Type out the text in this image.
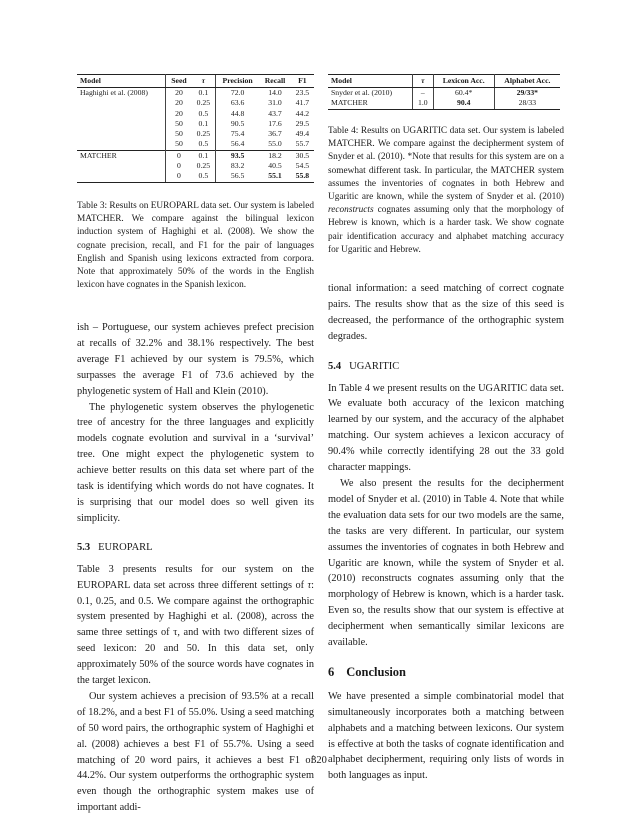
Model	Seed	τ	Precision	Recall	F1
Haghighi et al. (2008)	20	0.1	72.0	14.0	23.5
	20	0.25	63.6	31.0	41.7
	20	0.5	44.8	43.7	44.2
	50	0.1	90.5	17.6	29.5
	50	0.25	75.4	36.7	49.4
	50	0.5	56.4	55.0	55.7
MATCHER	0	0.1	93.5	18.2	30.5
	0	0.25	83.2	40.5	54.5
	0	0.5	56.5	55.1	55.8
Table 3: Results on EUROPARL data set. Our system is labeled MATCHER. We compare against the bilingual lexicon induction system of Haghighi et al. (2008). We show the cognate precision, recall, and F1 for the pair of languages English and Spanish using lexicons extracted from corpora. Note that approximately 50% of the words in the English lexicon have cognates in the Spanish lexicon.
Model	τ	Lexicon Acc.	Alphabet Acc.
Snyder et al. (2010)	–	60.4*	29/33*
MATCHER	1.0	90.4	28/33
Table 4: Results on UGARITIC data set. Our system is labeled MATCHER. We compare against the decipherment system of Snyder et al. (2010). *Note that results for this system are on a somewhat different task. In particular, the MATCHER system assumes the inventories of cognates in both Hebrew and Ugaritic are known, while the system of Snyder et al. (2010) reconstructs cognates assuming only that the morphology of Hebrew is known, which is a harder task. We show cognate pair identification accuracy and alphabet matching accuracy for Ugaritic and Hebrew.

ish – Portuguese, our system achieves prefect precision at recalls of 32.2% and 38.1% respectively. The best average F1 achieved by our system is 79.5%, which surpasses the average F1 of 73.6 achieved by the phylogenetic system of Hall and Klein (2010).

The phylogenetic system observes the phylogenetic tree of ancestry for the three languages and explicitly models cognate evolution and survival in a ‘survival’ tree. One might expect the phylogenetic system to achieve better results on this data set where part of the task is identifying which words do not have cognates. It is surprising that our model does so well given its simplicity.

5.3 EUROPARL

Table 3 presents results for our system on the EUROPARL data set across three different settings of τ: 0.1, 0.25, and 0.5. We compare against the orthographic system presented by Haghighi et al. (2008), across the same three settings of τ, and with two different sizes of seed lexicon: 20 and 50. In this data set, only approximately 50% of the source words have cognates in the target lexicon.

Our system achieves a precision of 93.5% at a recall of 18.2%, and a best F1 of 55.0%. Using a seed matching of 50 word pairs, the orthographic system of Haghighi et al. (2008) achieves a best F1 of 55.7%. Using a seed matching of 20 word pairs, it achieves a best F1 of 44.2%. Our system outperforms the orthographic system even though the orthographic system makes use of important addi-

tional information: a seed matching of correct cognate pairs. The results show that as the size of this seed is decreased, the performance of the orthographic system degrades.

5.4 UGARITIC

In Table 4 we present results on the UGARITIC data set. We evaluate both accuracy of the lexicon matching learned by our system, and the accuracy of the alphabet matching. Our system achieves a lexicon accuracy of 90.4% while correctly identifying 28 out the 33 gold character mappings.

We also present the results for the decipherment model of Snyder et al. (2010) in Table 4. Note that while the evaluation data sets for our two models are the same, the tasks are very different. In particular, our system assumes the inventories of cognates in both Hebrew and Ugaritic are known, while the system of Snyder et al. (2010) reconstructs cognates assuming only that the morphology of Hebrew is known, which is a harder task. Even so, the results show that our system is effective at decipherment when semantically similar lexicons are available.

6 Conclusion

We have presented a simple combinatorial model that simultaneously incorporates both a matching between alphabets and a matching between lexicons. Our system is effective at both the tasks of cognate identification and alphabet decipherment, requiring only lists of words in both languages as input.

320
